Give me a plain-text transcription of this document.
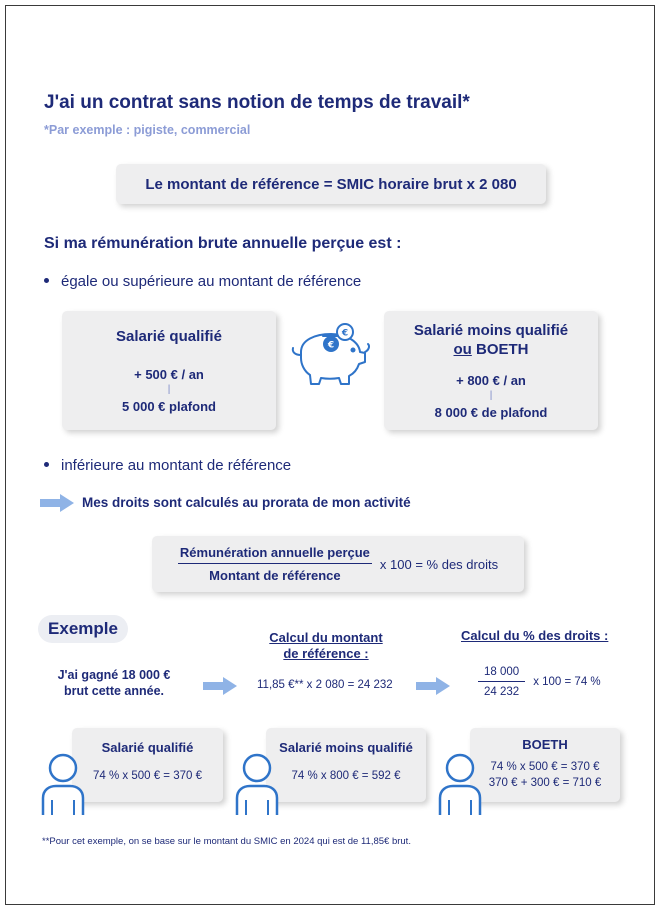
J'ai un contrat sans notion de temps de travail*
*Par exemple : pigiste, commercial
Le montant de référence = SMIC horaire brut x 2 080
Si ma rémunération brute annuelle perçue est :
égale ou supérieure au montant de référence
Salarié qualifié
+ 500 € / an
|
5 000 € plafond
€
€	Salarié moins qualifié
ou BOETH
+ 800 € / an
|
8 000 € de plafond
inférieure au montant de référence
Mes droits sont calculés au prorata de mon activité
$\frac{\text{Rémunération annuelle perçue}}{\text{Montant de référence}}$ x 100 = % des droits
Exemple
J'ai gagné 18 000 €
brut cette année.
Calcul du montant
de référence :
11,85 €** x 2 080 = 24 232
Calcul du % des droits :
$\frac{18 000}{24 232}$ x 100 = 74 %
Salarié qualifié
74 % x 500 € = 370 €
Salarié moins qualifié
74 % x 800 € = 592 €
BOETH
74 % x 500 € = 370 €
370 € + 300 € = 710 €
**Pour cet exemple, on se base sur le montant du SMIC en 2024 qui est de 11,85€ brut.
